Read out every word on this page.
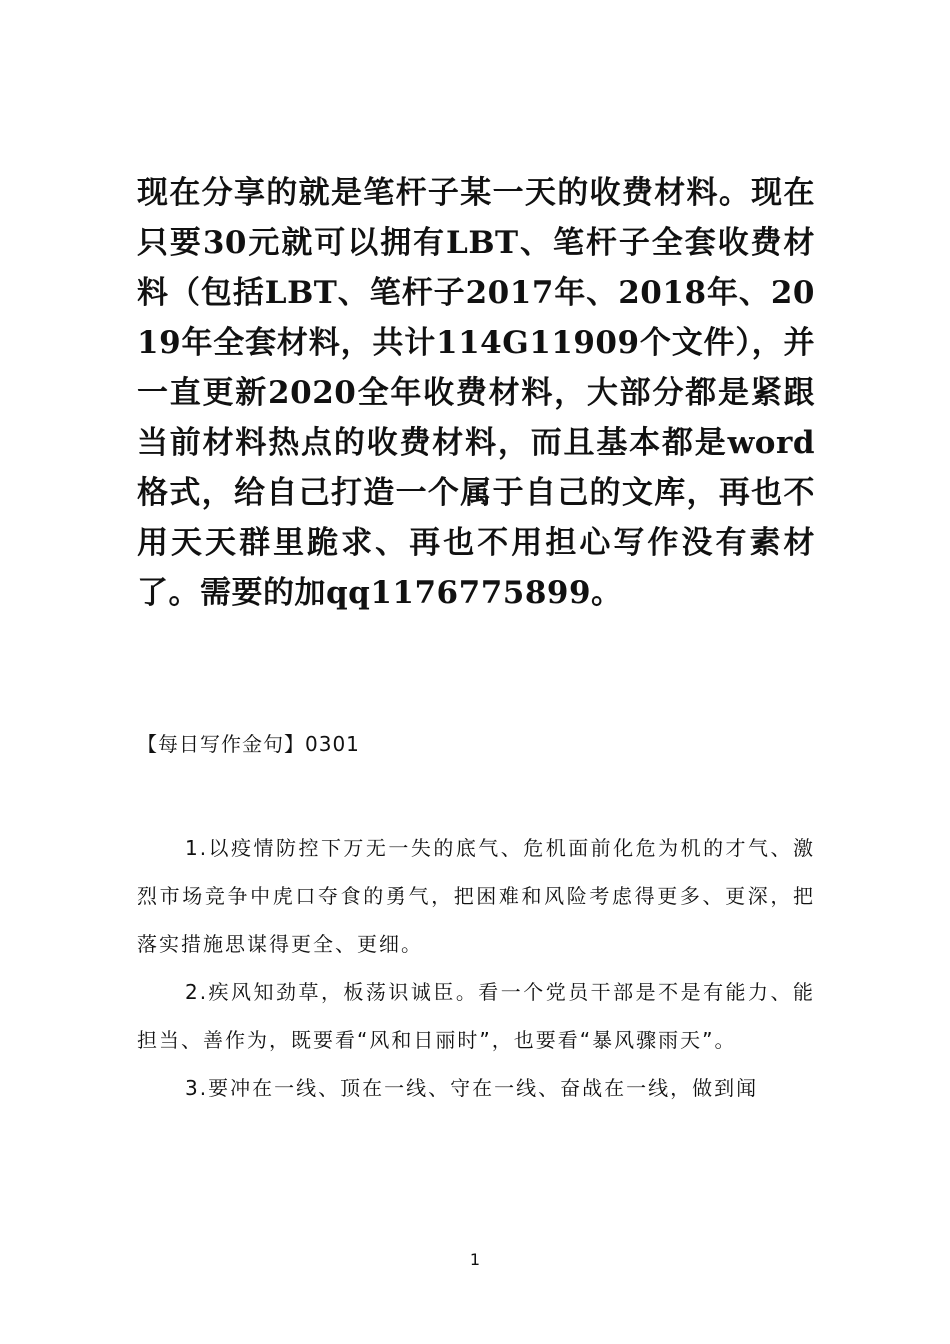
现在分享的就是笔杆子某一天的收费材料。现在只要30元就可以拥有LBT、笔杆子全套收费材料（包括LBT、笔杆子2017年、2018年、2019年全套材料，共计114G11909个文件），并一直更新2020全年收费材料，大部分都是紧跟当前材料热点的收费材料，而且基本都是word格式，给自己打造一个属于自己的文库，再也不用天天群里跪求、再也不用担心写作没有素材了。需要的加qq1176775899。

【每日写作金句】0301

1.以疫情防控下万无一失的底气、危机面前化危为机的才气、激烈市场竞争中虎口夺食的勇气，把困难和风险考虑得更多、更深，把落实措施思谋得更全、更细。

2.疾风知劲草，板荡识诚臣。看一个党员干部是不是有能力、能担当、善作为，既要看“风和日丽时”，也要看“暴风骤雨天”。

3.要冲在一线、顶在一线、守在一线、奋战在一线，做到闻

1
